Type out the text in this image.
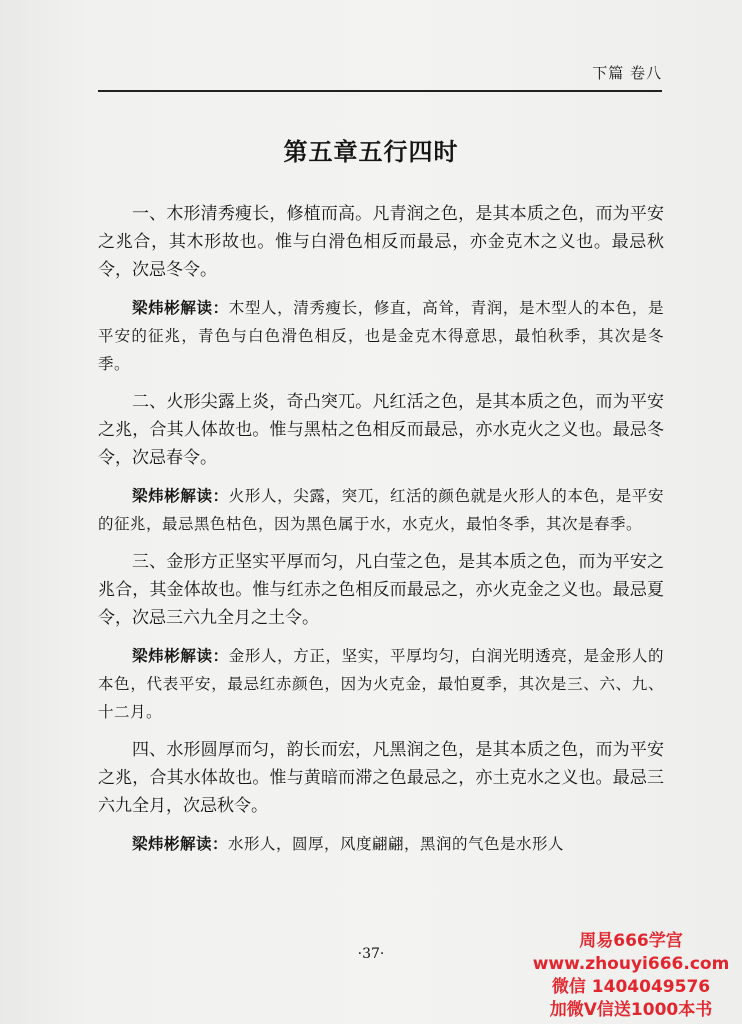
下篇 卷八
第五章五行四时

一、木形清秀瘦长，修植而高。凡青润之色，是其本质之色，而为平安之兆合，其木形故也。惟与白滑色相反而最忌，亦金克木之义也。最忌秋令，次忌冬令。

梁炜彬解读：木型人，清秀瘦长，修直，高耸，青润，是木型人的本色，是平安的征兆，青色与白色滑色相反，也是金克木得意思，最怕秋季，其次是冬季。

二、火形尖露上炎，奇凸突兀。凡红活之色，是其本质之色，而为平安之兆，合其人体故也。惟与黑枯之色相反而最忌，亦水克火之义也。最忌冬令，次忌春令。

梁炜彬解读：火形人，尖露，突兀，红活的颜色就是火形人的本色，是平安的征兆，最忌黑色枯色，因为黑色属于水，水克火，最怕冬季，其次是春季。

三、金形方正坚实平厚而匀，凡白莹之色，是其本质之色，而为平安之兆合，其金体故也。惟与红赤之色相反而最忌之，亦火克金之义也。最忌夏令，次忌三六九全月之土令。

梁炜彬解读：金形人，方正，坚实，平厚均匀，白润光明透亮，是金形人的本色，代表平安，最忌红赤颜色，因为火克金，最怕夏季，其次是三、六、九、十二月。

四、水形圆厚而匀，韵长而宏，凡黑润之色，是其本质之色，而为平安之兆，合其水体故也。惟与黄暗而滞之色最忌之，亦土克水之义也。最忌三六九全月，次忌秋令。

梁炜彬解读：水形人，圆厚，风度翩翩，黑润的气色是水形人

·37·
周易666学宫
www.zhouyi666.com
微信 1404049576
加微V信送1000本书
